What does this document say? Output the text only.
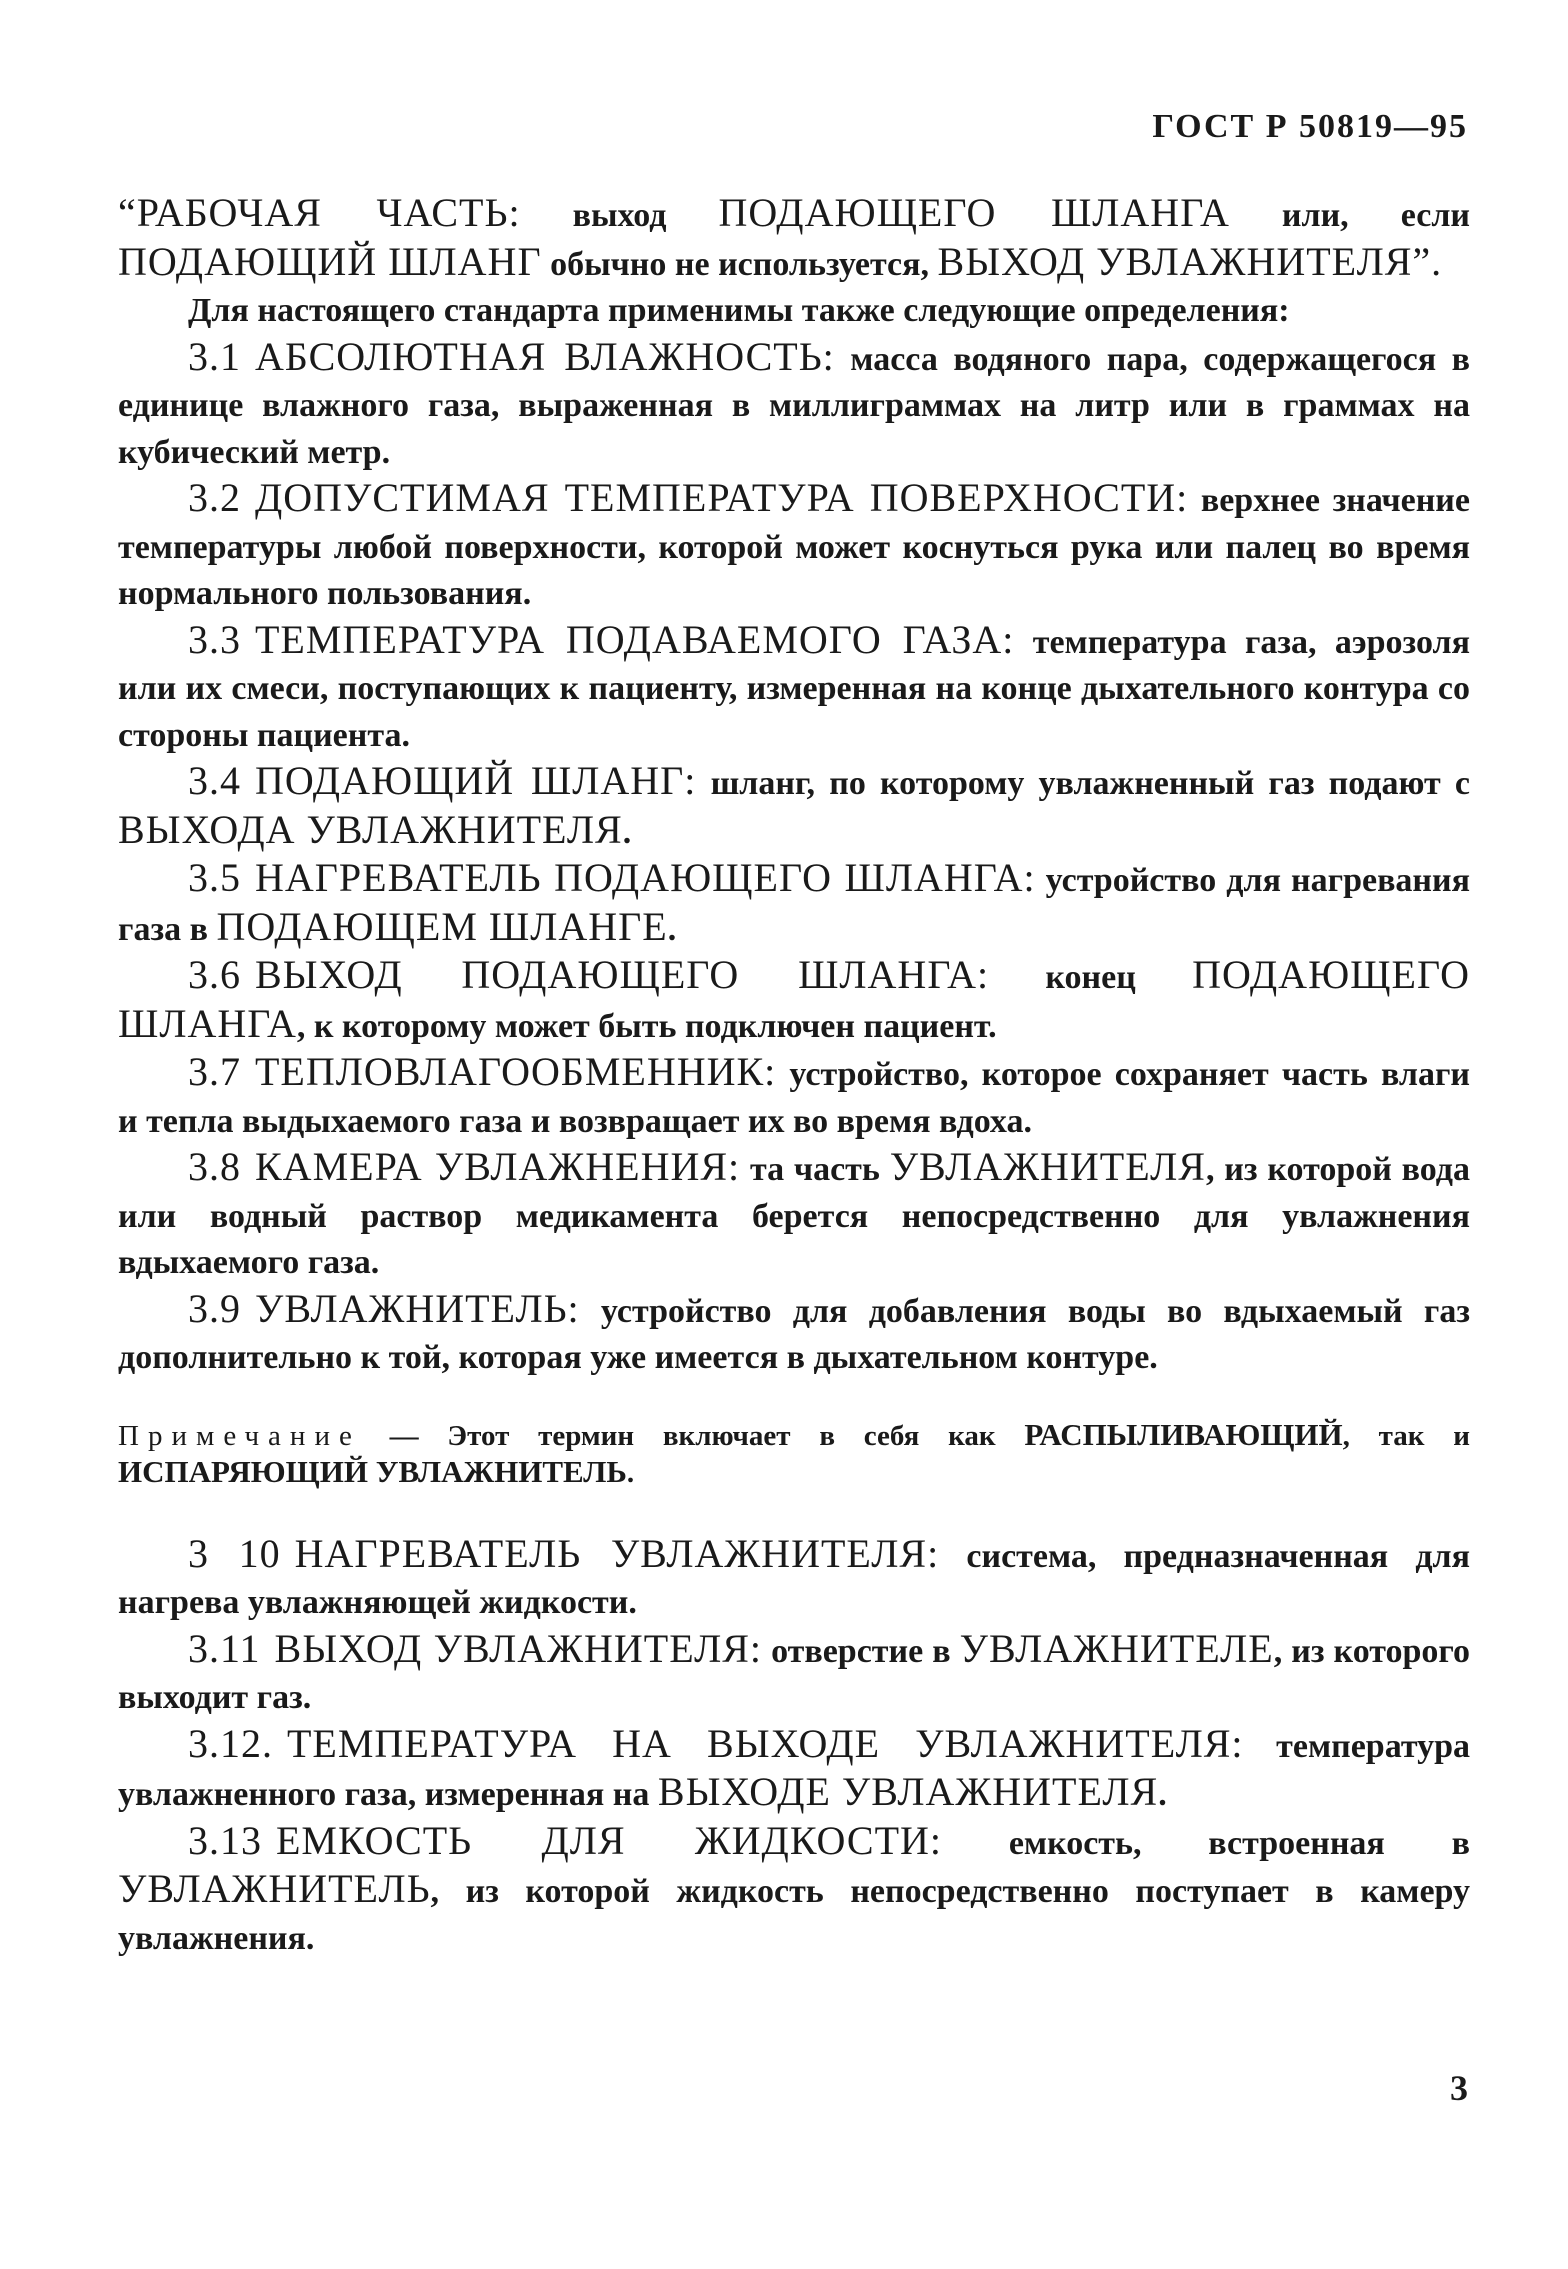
ГОСТ Р 50819—95

“РАБОЧАЯ ЧАСТЬ: выход ПОДАЮЩЕГО ШЛАНГА или, если ПОДАЮЩИЙ ШЛАНГ обычно не используется, ВЫХОД УВЛАЖНИТЕЛЯ”.

Для настоящего стандарта применимы также следующие определения:

3.1 АБСОЛЮТНАЯ ВЛАЖНОСТЬ: масса водяного пара, содержащегося в единице влажного газа, выраженная в миллиграммах на литр или в граммах на кубический метр.

3.2 ДОПУСТИМАЯ ТЕМПЕРАТУРА ПОВЕРХНОСТИ: верхнее значение температуры любой поверхности, которой может коснуться рука или палец во время нормального пользования.

3.3 ТЕМПЕРАТУРА ПОДАВАЕМОГО ГАЗА: температура газа, аэрозоля или их смеси, поступающих к пациенту, измеренная на конце дыхательного контура со стороны пациента.

3.4 ПОДАЮЩИЙ ШЛАНГ: шланг, по которому увлажненный газ подают с ВЫХОДА УВЛАЖНИТЕЛЯ.

3.5 НАГРЕВАТЕЛЬ ПОДАЮЩЕГО ШЛАНГА: устройство для нагревания газа в ПОДАЮЩЕМ ШЛАНГЕ.

3.6 ВЫХОД ПОДАЮЩЕГО ШЛАНГА: конец ПОДАЮЩЕГО ШЛАНГА, к которому может быть подключен пациент.

3.7 ТЕПЛОВЛАГООБМЕННИК: устройство, которое сохраняет часть влаги и тепла выдыхаемого газа и возвращает их во время вдоха.

3.8 КАМЕРА УВЛАЖНЕНИЯ: та часть УВЛАЖНИТЕЛЯ, из которой вода или водный раствор медикамента берется непосредственно для увлажнения вдыхаемого газа.

3.9 УВЛАЖНИТЕЛЬ: устройство для добавления воды во вдыхаемый газ дополнительно к той, которая уже имеется в дыхательном контуре.

Примечание — Этот термин включает в себя как РАСПЫЛИВАЮЩИЙ, так и ИСПАРЯЮЩИЙ УВЛАЖНИТЕЛЬ.

3 10 НАГРЕВАТЕЛЬ УВЛАЖНИТЕЛЯ: система, предназначенная для нагрева увлажняющей жидкости.

3.11 ВЫХОД УВЛАЖНИТЕЛЯ: отверстие в УВЛАЖНИТЕЛЕ, из которого выходит газ.

3.12. ТЕМПЕРАТУРА НА ВЫХОДЕ УВЛАЖНИТЕЛЯ: температура увлажненного газа, измеренная на ВЫХОДЕ УВЛАЖНИТЕЛЯ.

3.13 ЕМКОСТЬ ДЛЯ ЖИДКОСТИ: емкость, встроенная в УВЛАЖНИТЕЛЬ, из которой жидкость непосредственно поступает в камеру увлажнения.

3
